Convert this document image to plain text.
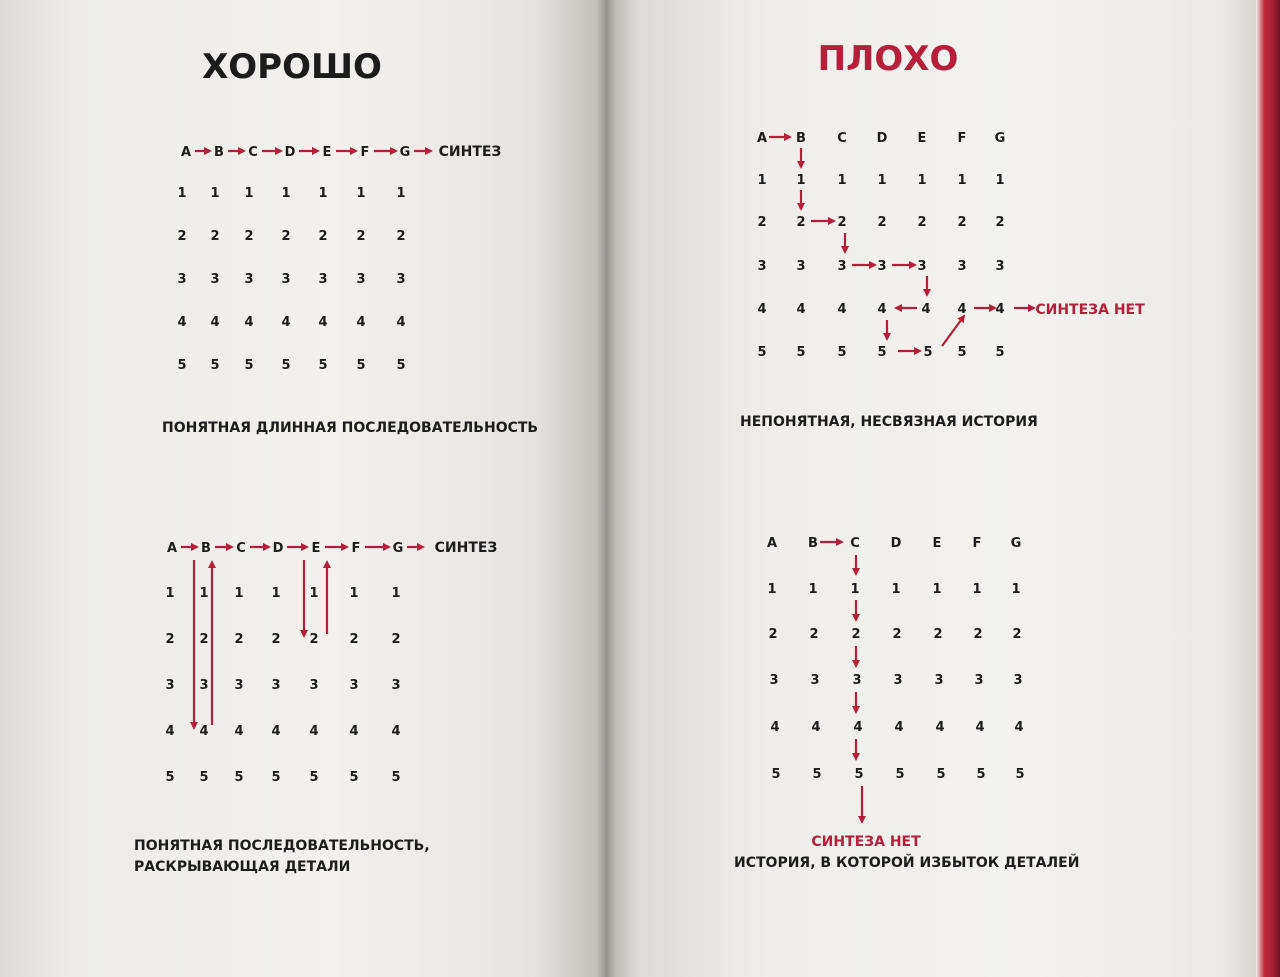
ХОРОШО	ПЛОХО
ПОНЯТНАЯ ДЛИННАЯ ПОСЛЕДОВАТЕЛЬНОСТЬ
ПОНЯТНАЯ ПОСЛЕДОВАТЕЛЬНОСТЬ,
РАСКРЫВАЮЩАЯ ДЕТАЛИ
НЕПОНЯТНАЯ, НЕСВЯЗНАЯ ИСТОРИЯ
ИСТОРИЯ, В КОТОРОЙ ИЗБЫТОК ДЕТАЛЕЙ
A B C D E F G СИНТЕЗ
1 1 1 1 1 1 1
2 2 2 2 2 2 2
3 3 3 3 3 3 3
4 4 4 4 4 4 4
5 5 5 5 5 5 5
A B C D E F G СИНТЕЗ
1 1 1 1 1 1	1
2 2 2 2 2 2	2
3 3 3 3 3 3	3
4 4 4 4 4 4	4
5 5 5 5 5 5	5
A B C D E F G
1 1 1 1 1 1 1
2 2 2 2 2 2 2
3 3 3 3 3 3 3
4 4 4 4	4 4 4
5 5 5 5	5 5 5
СИНТЕЗА НЕТ
A B C D E F G
1 1	1 1 1 1 1
2 2	2 2 2 2 2
3 3	3 3 3 3 3
4 4	4 4 4 4 4
5 5	5 5 5 5 5
СИНТЕЗА НЕТ
